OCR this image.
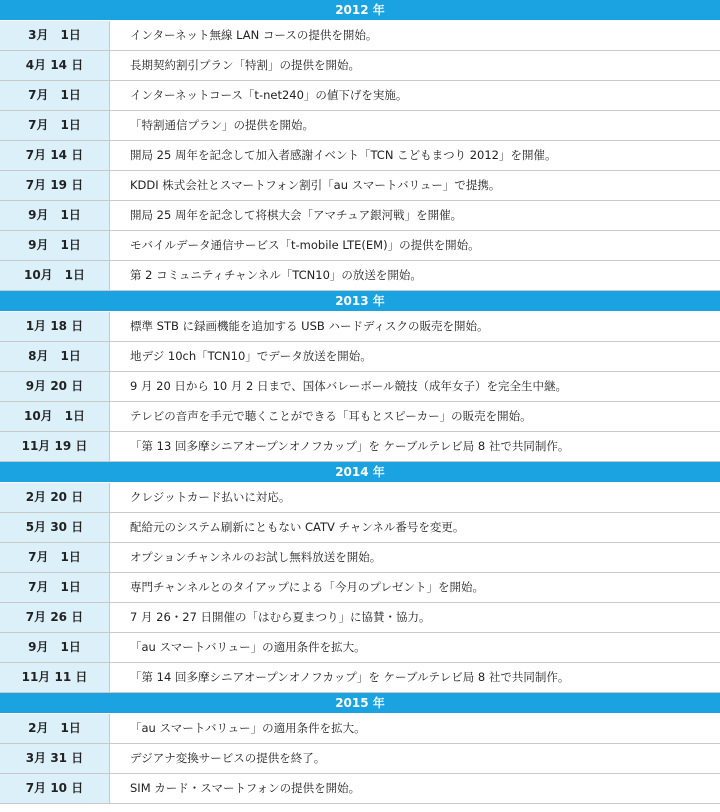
2012 年
3月　1日	インターネット無線 LAN コースの提供を開始。
4月 14 日	長期契約割引プラン「特割」の提供を開始。
7月　1日	インターネットコース「t-net240」の値下げを実施。
7月　1日	「特割通信プラン」の提供を開始。
7月 14 日	開局 25 周年を記念して加入者感謝イベント「TCN こどもまつり 2012」を開催。
7月 19 日	KDDI 株式会社とスマートフォン割引「au スマートバリュー」で提携。
9月　1日	開局 25 周年を記念して将棋大会「アマチュア銀河戦」を開催。
9月　1日	モバイルデータ通信サービス「t-mobile LTE(EM)」の提供を開始。
10月　1日	第 2 コミュニティチャンネル「TCN10」の放送を開始。
2013 年
1月 18 日	標準 STB に録画機能を追加する USB ハードディスクの販売を開始。
8月　1日	地デジ 10ch「TCN10」でデータ放送を開始。
9月 20 日	9 月 20 日から 10 月 2 日まで、国体バレーボール競技（成年女子）を完全生中継。
10月　1日	テレビの音声を手元で聴くことができる「耳もとスピーカー」の販売を開始。
11月 19 日	「第 13 回多摩シニアオープンオノフカップ」を ケーブルテレビ局 8 社で共同制作。
2014 年
2月 20 日	クレジットカード払いに対応。
5月 30 日	配給元のシステム刷新にともない CATV チャンネル番号を変更。
7月　1日	オプションチャンネルのお試し無料放送を開始。
7月　1日	専門チャンネルとのタイアップによる「今月のプレゼント」を開始。
7月 26 日	7 月 26・27 日開催の「はむら夏まつり」に協賛・協力。
9月　1日	「au スマートバリュー」の適用条件を拡大。
11月 11 日	「第 14 回多摩シニアオープンオノフカップ」を ケーブルテレビ局 8 社で共同制作。
2015 年
2月　1日	「au スマートバリュー」の適用条件を拡大。
3月 31 日	デジアナ変換サービスの提供を終了。
7月 10 日	SIM カード・スマートフォンの提供を開始。
